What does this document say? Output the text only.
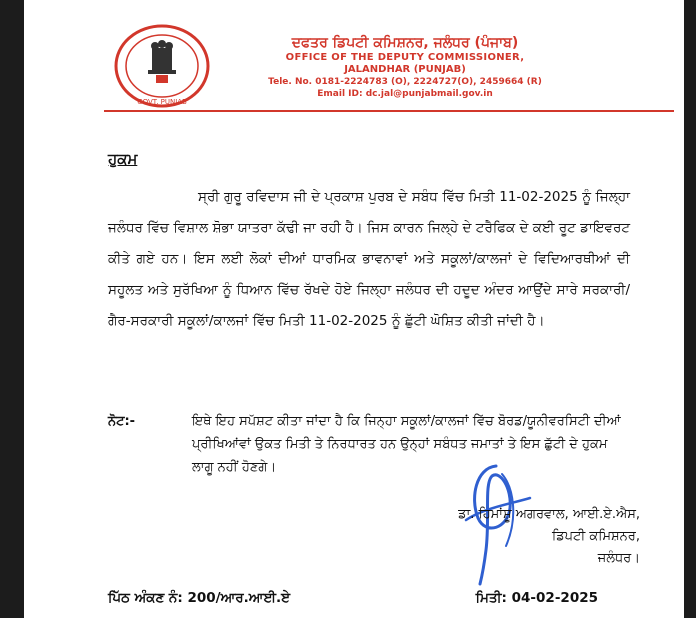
GOVT. PUNJAB
ਦਫਤਰ ਡਿਪਟੀ ਕਮਿਸ਼ਨਰ, ਜਲੰਧਰ (ਪੰਜਾਬ)
OFFICE OF THE DEPUTY COMMISSIONER,
JALANDHAR (PUNJAB)
Tele. No. 0181-2224783 (O), 2224727(O), 2459664 (R)
Email ID: dc.jal@punjabmail.gov.in
ਹੁਕਮ

ਸ੍ਰੀ ਗੁਰੂ ਰਵਿਦਾਸ ਜੀ ਦੇ ਪ੍ਰਕਾਸ਼ ਪੁਰਬ ਦੇ ਸਬੰਧ ਵਿੱਚ ਮਿਤੀ 11-02-2025 ਨੂੰ ਜਿਲ੍ਹਾ ਜਲੰਧਰ ਵਿੱਚ ਵਿਸ਼ਾਲ ਸ਼ੋਭਾ ਯਾਤਰਾ ਕੱਢੀ ਜਾ ਰਹੀ ਹੈ। ਜਿਸ ਕਾਰਨ ਜਿਲ੍ਹੇ ਦੇ ਟਰੈਫਿਕ ਦੇ ਕਈ ਰੂਟ ਡਾਇਵਰਟ ਕੀਤੇ ਗਏ ਹਨ। ਇਸ ਲਈ ਲੋਕਾਂ ਦੀਆਂ ਧਾਰਮਿਕ ਭਾਵਨਾਵਾਂ ਅਤੇ ਸਕੂਲਾਂ/ਕਾਲਜਾਂ ਦੇ ਵਿਦਿਆਰਥੀਆਂ ਦੀ ਸਹੂਲਤ ਅਤੇ ਸੁਰੱਖਿਆ ਨੂੰ ਧਿਆਨ ਵਿੱਚ ਰੱਖਦੇ ਹੋਏ ਜਿਲ੍ਹਾ ਜਲੰਧਰ ਦੀ ਹਦੂਦ ਅੰਦਰ ਆਉਂਦੇ ਸਾਰੇ ਸਰਕਾਰੀ/ਗੈਰ-ਸਰਕਾਰੀ ਸਕੂਲਾਂ/ਕਾਲਜਾਂ ਵਿੱਚ ਮਿਤੀ 11-02-2025 ਨੂੰ ਛੁੱਟੀ ਘੋਸ਼ਿਤ ਕੀਤੀ ਜਾਂਦੀ ਹੈ।

ਨੋਟ:-	ਇਥੇ ਇਹ ਸਪੱਸ਼ਟ ਕੀਤਾ ਜਾਂਦਾ ਹੈ ਕਿ ਜਿਨ੍ਹਾ ਸਕੂਲਾਂ/ਕਾਲਜਾਂ ਵਿੱਚ ਬੋਰਡ/ਯੂਨੀਵਰਸਿਟੀ ਦੀਆਂ ਪ੍ਰੀਖਿਆਂਵਾਂ ਉਕਤ ਮਿਤੀ ਤੇ ਨਿਰਧਾਰਤ ਹਨ ਉਨ੍ਹਾਂ ਸਬੰਧਤ ਜਮਾਤਾਂ ਤੇ ਇਸ ਛੁੱਟੀ ਦੇ ਹੁਕਮ ਲਾਗੂ ਨਹੀਂ ਹੋਣਗੇ।
ਡਾ. ਹਿਮਾਂਸ਼ੂ ਅਗਰਵਾਲ, ਆਈ.ਏ.ਐਸ,
ਡਿਪਟੀ ਕਮਿਸ਼ਨਰ,
ਜਲੰਧਰ।
ਪਿੱਠ ਅੰਕਣ ਨੰ: 200/ਆਰ.ਆਈ.ਏ	ਮਿਤੀ: 04-02-2025
